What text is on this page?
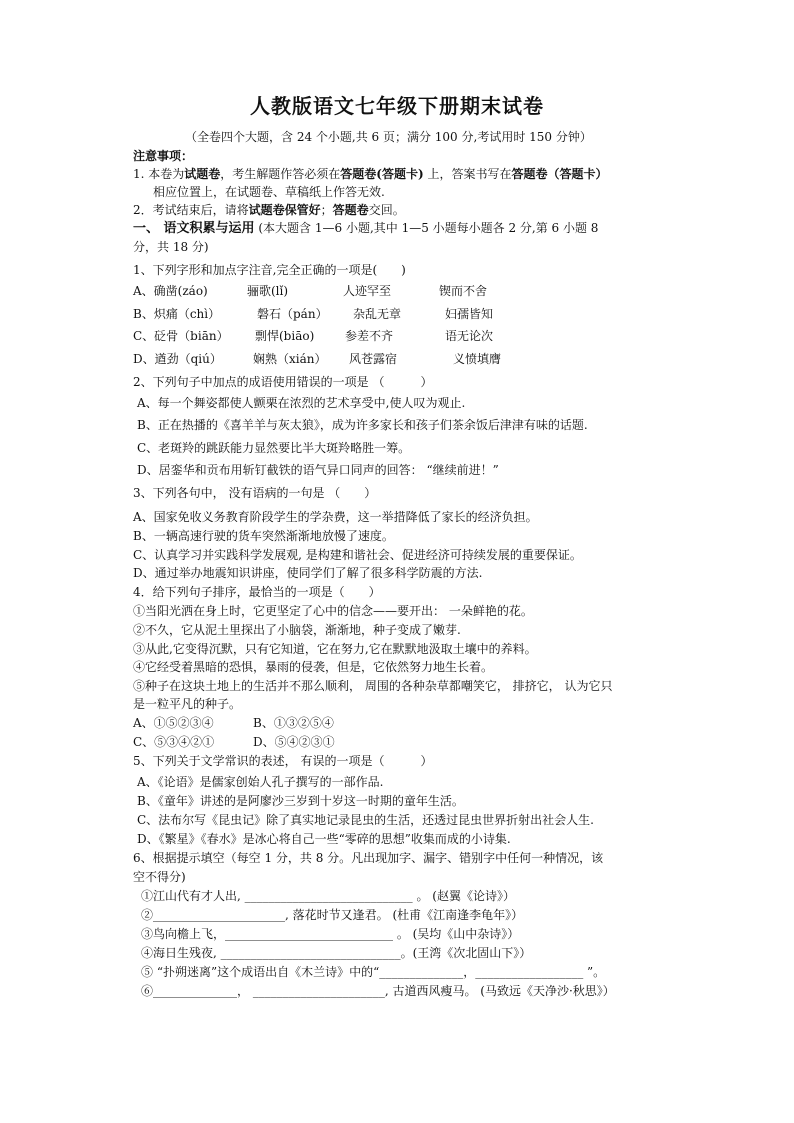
人教版语文七年级下册期末试卷
（全卷四个大题，含 24 个小题,共 6 页；满分 100 分,考试用时 150 分钟）
注意事项：
1. 本卷为试题卷，考生解题作答必须在答题卷(答题卡) 上，答案书写在答题卷（答题卡）
相应位置上，在试题卷、草稿纸上作答无效.
2．考试结束后，请将试题卷保管好；答题卷交回。
一、 语文积累与运用 (本大题含 1—6 小题,其中 1—5 小题每小题各 2 分,第 6 小题 8
分，共 18 分)
1、下列字形和加点字注音,完全正确的一项是(　　)
A、确凿(záo)	骊歌(lǐ)	人迹罕至	锲而不舍
B、炽痛（chì）	磐石（pán） 杂乱无章	妇孺皆知
C、砭骨（biān） 剽悍(biāo)	参差不齐	语无论次
D、遒劲（qiú）	娴熟（xián） 风苍露宿	义愤填膺
2、下列句子中加点的成语使用错误的一项是 （　　　）
A、每一个舞姿都使人颤栗在浓烈的艺术享受中,使人叹为观止.
B、正在热播的《喜羊羊与灰太狼》，成为许多家长和孩子们茶余饭后津津有味的话题.
C、老斑羚的跳跃能力显然要比半大斑羚略胜一筹。
D、居銮华和贡布用斩钉截铁的语气异口同声的回答： “继续前进！”
3、下列各句中， 没有语病的一句是 （　　）
A、国家免收义务教育阶段学生的学杂费，这一举措降低了家长的经济负担。
B、一辆高速行驶的货车突然渐渐地放慢了速度。
C、认真学习并实践科学发展观, 是构建和谐社会、促进经济可持续发展的重要保证。
D、通过举办地震知识讲座，使同学们了解了很多科学防震的方法.
4．给下列句子排序，最恰当的一项是（　　）
①当阳光洒在身上时，它更坚定了心中的信念——要开出： 一朵鲜艳的花。
②不久，它从泥土里探出了小脑袋，渐渐地，种子变成了嫩芽.
③从此,它变得沉默，只有它知道，它在努力,它在默默地汲取土壤中的养料。
④它经受着黑暗的恐惧，暴雨的侵袭，但是，它依然努力地生长着。
⑤种子在这块土地上的生活并不那么顺利， 周围的各种杂草都嘲笑它， 排挤它， 认为它只
是一粒平凡的种子。
A、①⑤②③④	B、①③②⑤④
C、⑤③④②①	D、⑤④②③①
5、下列关于文学常识的表述， 有误的一项是（　　　）
A、《论语》是儒家创始人孔子撰写的一部作品.
B、《童年》讲述的是阿廖沙三岁到十岁这一时期的童年生活。
C、法布尔写《昆虫记》除了真实地记录昆虫的生活，还透过昆虫世界折射出社会人生.
D、《繁星》《春水》是冰心将自己一些“零碎的思想”收集而成的小诗集.
6、根据提示填空（每空 1 分，共 8 分。凡出现加字、漏字、错别字中任何一种情况，该
空不得分)
①江山代有才人出, ____________________________ 。 (赵翼《论诗》）
②______________________, 落花时节又逢君。 (杜甫《江南逢李龟年》）
③鸟向檐上飞，____________________________ 。 (吴均《山中杂诗》）
④海日生残夜, ______________________________。(王湾《次北固山下》）
⑤ “扑朔迷离”这个成语出自《木兰诗》中的“______________，__________________ ”。
⑥______________， ______________________, 古道西风瘦马。 (马致远《天净沙·秋思》）
